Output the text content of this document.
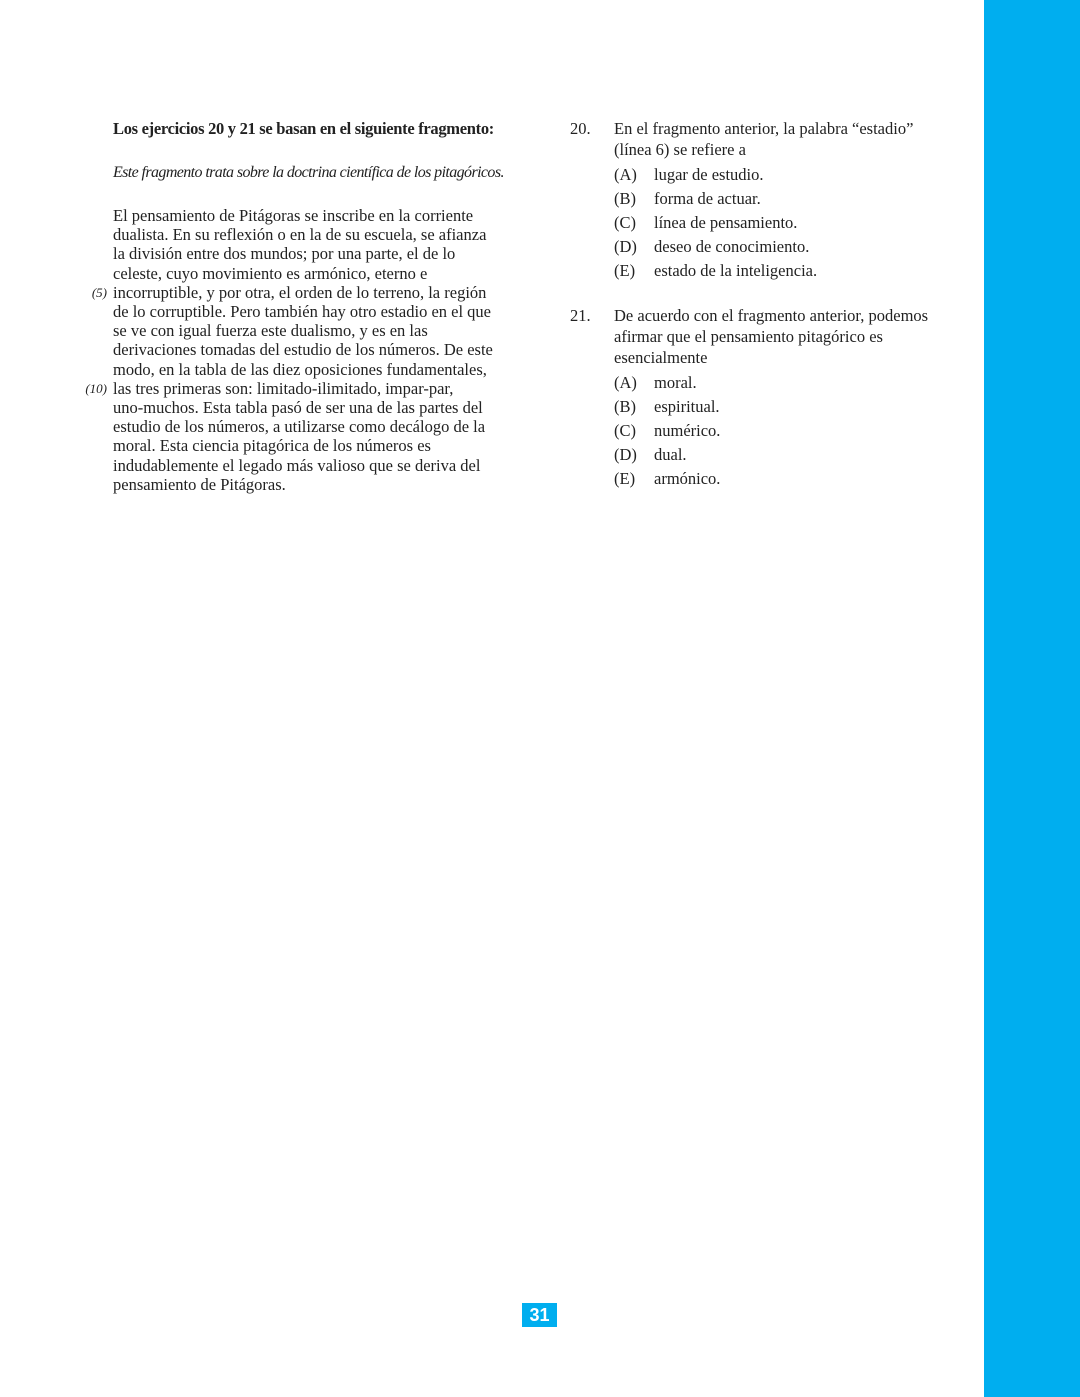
Los ejercicios 20 y 21 se basan en el siguiente fragmento:
Este fragmento trata sobre la doctrina científica de los pitagóricos.
El pensamiento de Pitágoras se inscribe en la corriente
dualista. En su reflexión o en la de su escuela, se afianza
la división entre dos mundos; por una parte, el de lo
celeste, cuyo movimiento es armónico, eterno e
(5) incorruptible, y por otra, el orden de lo terreno, la región
de lo corruptible. Pero también hay otro estadio en el que
se ve con igual fuerza este dualismo, y es en las
derivaciones tomadas del estudio de los números. De este
modo, en la tabla de las diez oposiciones fundamentales,
(10) las tres primeras son: limitado-ilimitado, impar-par,
uno-muchos. Esta tabla pasó de ser una de las partes del
estudio de los números, a utilizarse como decálogo de la
moral. Esta ciencia pitagórica de los números es
indudablemente el legado más valioso que se deriva del
pensamiento de Pitágoras.
20. En el fragmento anterior, la palabra “estadio”
(línea 6) se refiere a
(A)	lugar de estudio.
(B)	forma de actuar.
(C)	línea de pensamiento.
(D)	deseo de conocimiento.
(E)	estado de la inteligencia.
21. De acuerdo con el fragmento anterior, podemos
afirmar que el pensamiento pitagórico es
esencialmente
(A)	moral.
(B)	espiritual.
(C)	numérico.
(D)	dual.
(E)	armónico.
31
